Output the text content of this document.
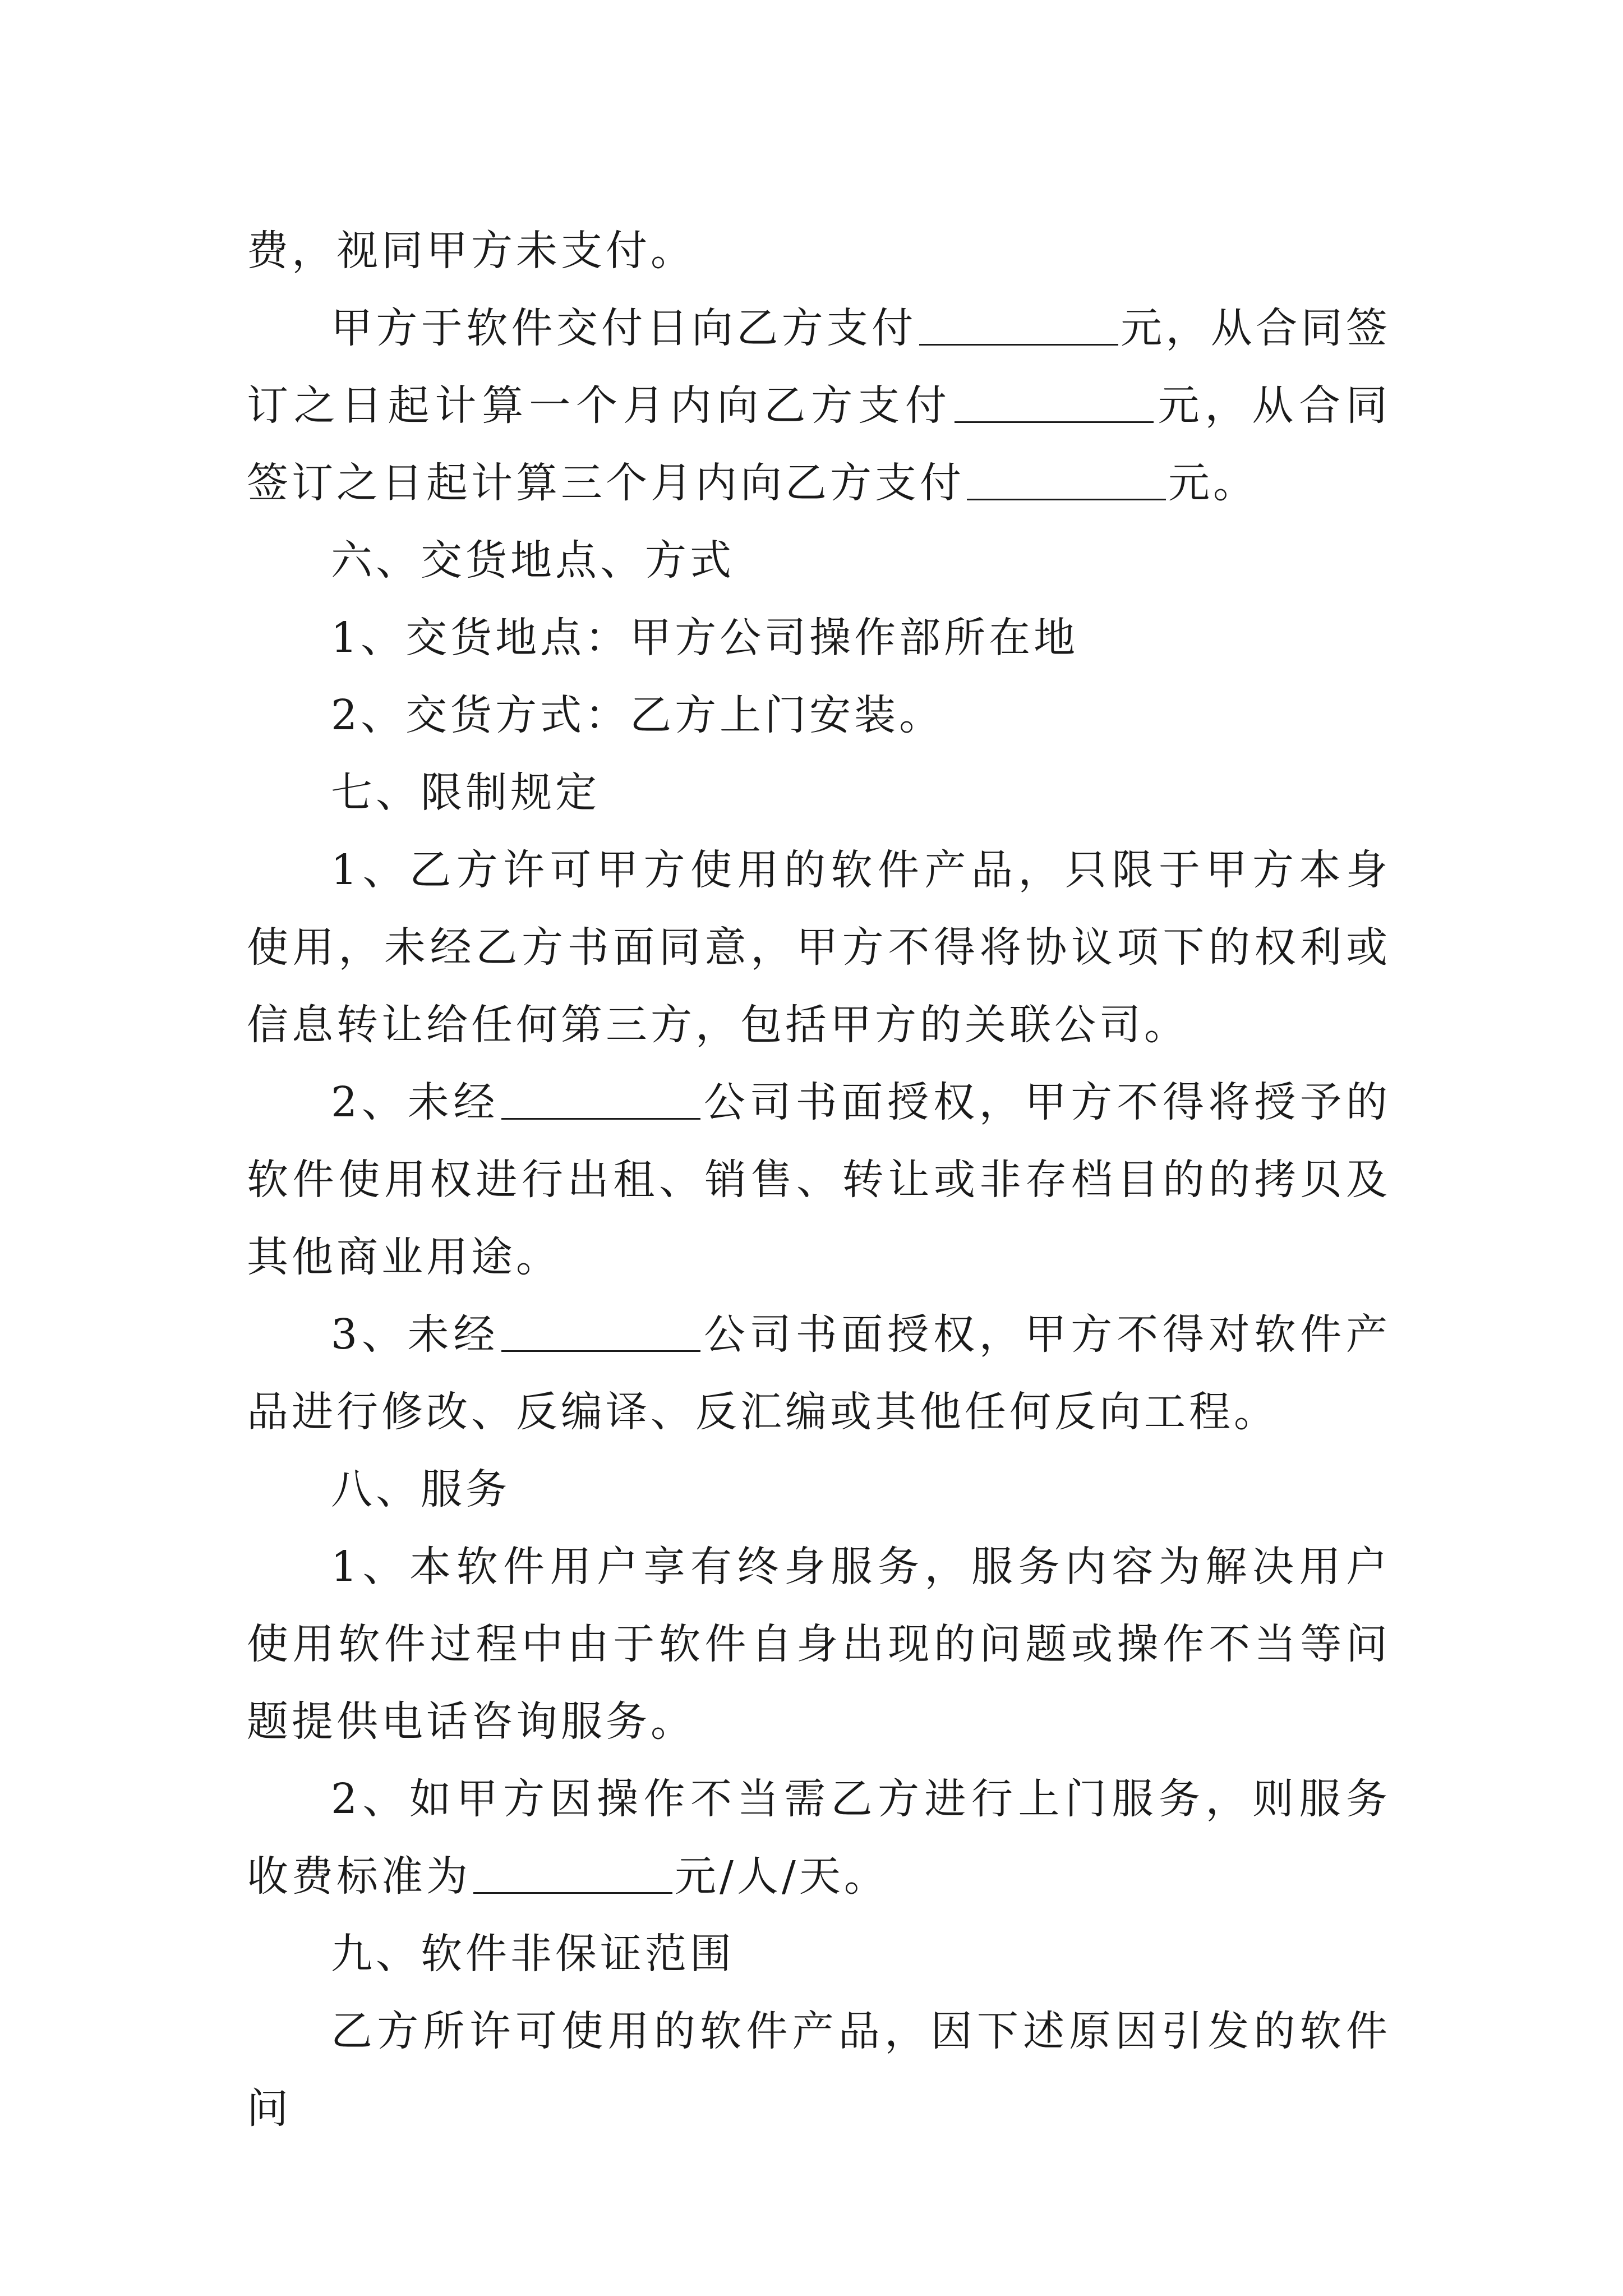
费，视同甲方未支付。

甲方于软件交付日向乙方支付	元，从合同签订之日起计算一个月内向乙方支付	元，从合同签订之日起计算三个月内向乙方支付	元。

六、交货地点、方式

1、交货地点：甲方公司操作部所在地

2、交货方式：乙方上门安装。

七、限制规定

1、乙方许可甲方使用的软件产品，只限于甲方本身使用，未经乙方书面同意，甲方不得将协议项下的权利或信息转让给任何第三方，包括甲方的关联公司。

2、未经	公司书面授权，甲方不得将授予的软件使用权进行出租、销售、转让或非存档目的的拷贝及其他商业用途。

3、未经	公司书面授权，甲方不得对软件产品进行修改、反编译、反汇编或其他任何反向工程。

八、服务

1、本软件用户享有终身服务，服务内容为解决用户使用软件过程中由于软件自身出现的问题或操作不当等问题提供电话咨询服务。

2、如甲方因操作不当需乙方进行上门服务，则服务收费标准为	元/人/天。

九、软件非保证范围

乙方所许可使用的软件产品，因下述原因引发的软件问
